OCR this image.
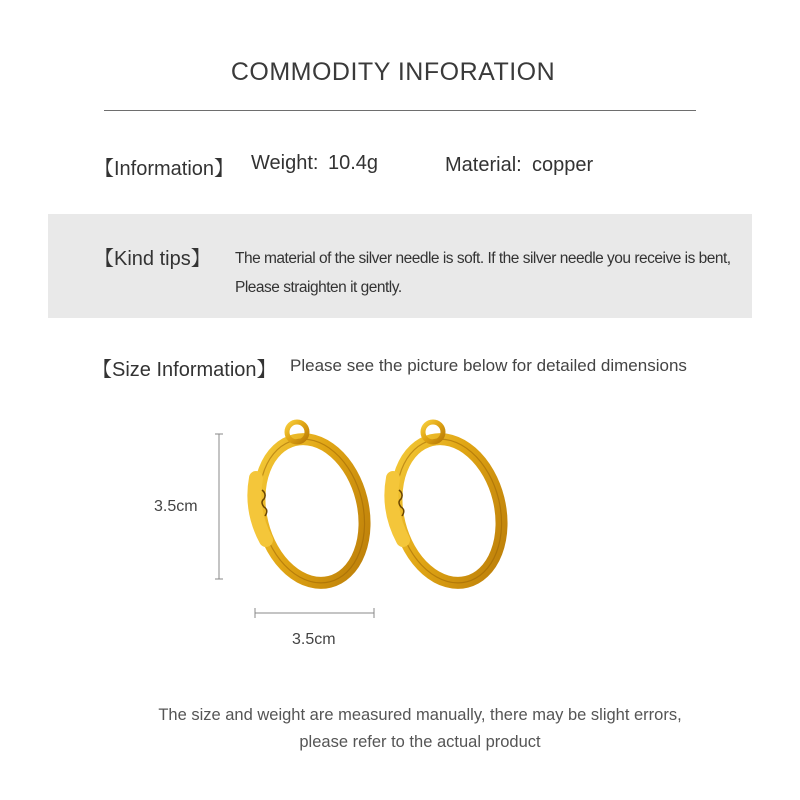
COMMODITY INFORATION
【Information】 Weight: 10.4g	Material: copper
【Kind tips】 The material of the silver needle is soft. If the silver needle you receive is bent,
Please straighten it gently.
【Size Information】 Please see the picture below for detailed dimensions
3.5cm
3.5cm
The size and weight are measured manually, there may be slight errors,
please refer to the actual product
